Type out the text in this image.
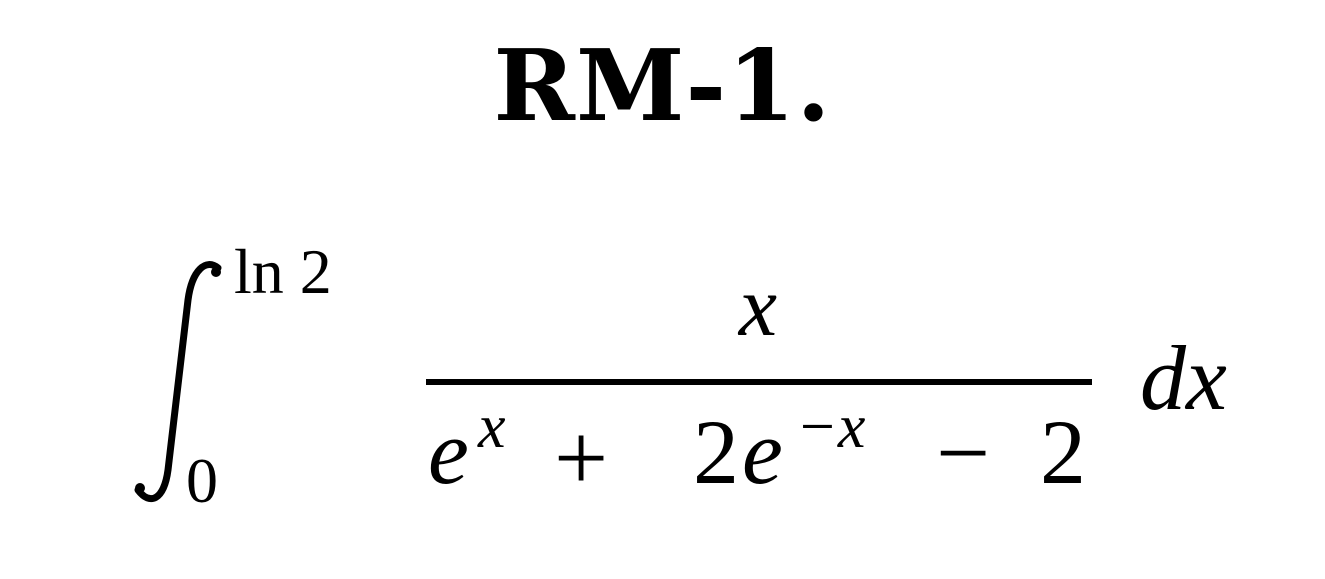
RM-1.
ln 2
0
x
e x + 2 e −x − 2
dx
